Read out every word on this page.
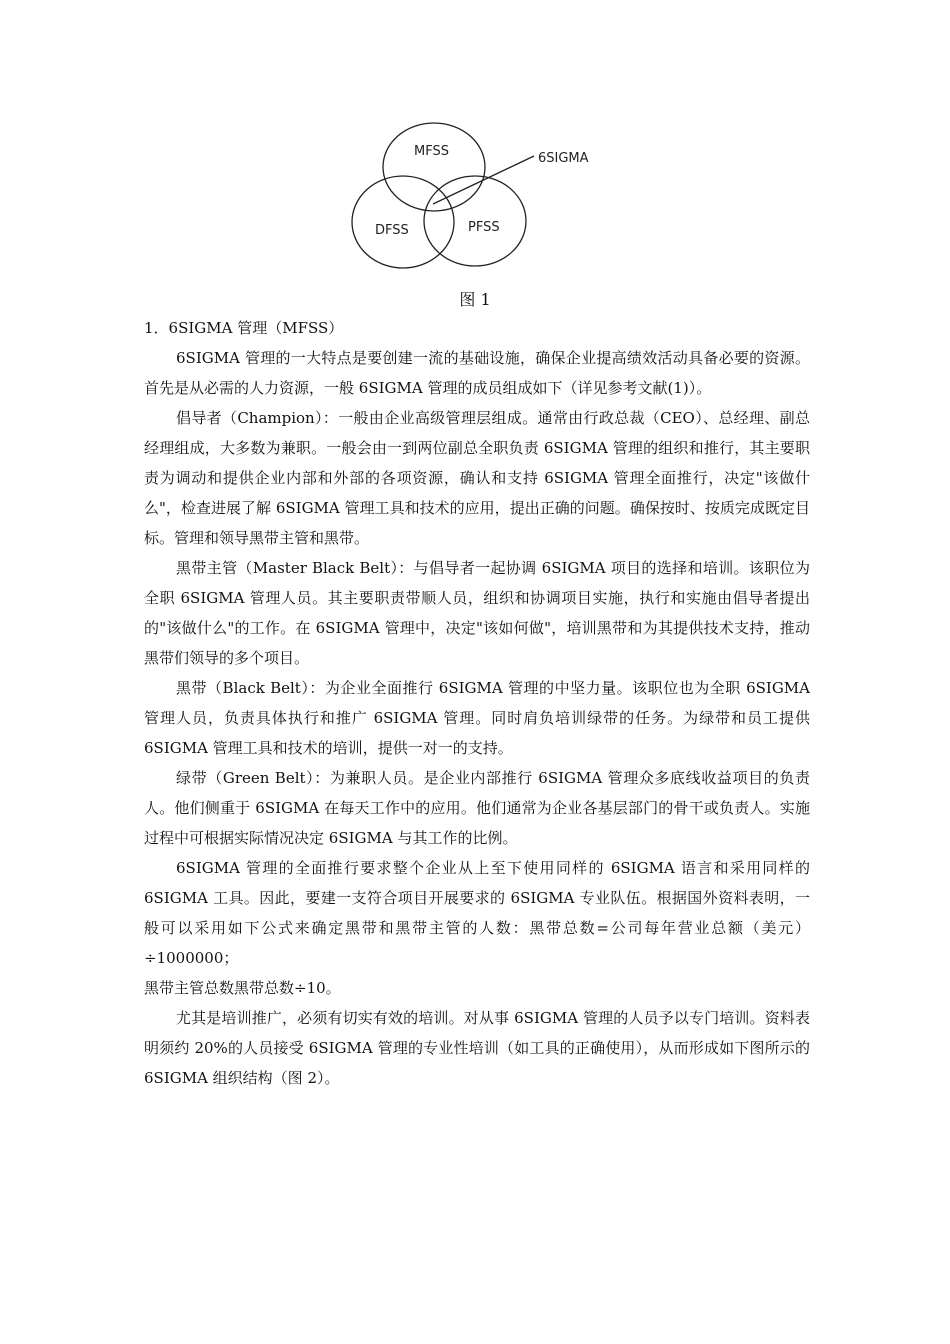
MFSS
DFSS	PFSS
6SIGMA
图 1

1．6SIGMA 管理（MFSS）

6SIGMA 管理的一大特点是要创建一流的基础设施，确保企业提高绩效活动具备必要的资源。首先是从必需的人力资源，一般 6SIGMA 管理的成员组成如下（详见参考文献(1)）。

倡导者（Champion）：一般由企业高级管理层组成。通常由行政总裁（CEO）、总经理、副总经理组成，大多数为兼职。一般会由一到两位副总全职负责 6SIGMA 管理的组织和推行，其主要职责为调动和提供企业内部和外部的各项资源，确认和支持 6SIGMA 管理全面推行，决定"该做什么"，检查进展了解 6SIGMA 管理工具和技术的应用，提出正确的问题。确保按时、按质完成既定目标。管理和领导黑带主管和黑带。

黑带主管（Master Black Belt）：与倡导者一起协调 6SIGMA 项目的选择和培训。该职位为全职 6SIGMA 管理人员。其主要职责带顺人员，组织和协调项目实施，执行和实施由倡导者提出的"该做什么"的工作。在 6SIGMA 管理中，决定"该如何做"，培训黑带和为其提供技术支持，推动黑带们领导的多个项目。

黑带（Black Belt）：为企业全面推行 6SIGMA 管理的中坚力量。该职位也为全职 6SIGMA 管理人员，负责具体执行和推广 6SIGMA 管理。同时肩负培训绿带的任务。为绿带和员工提供 6SIGMA 管理工具和技术的培训，提供一对一的支持。

绿带（Green Belt）：为兼职人员。是企业内部推行 6SIGMA 管理众多底线收益项目的负责人。他们侧重于 6SIGMA 在每天工作中的应用。他们通常为企业各基层部门的骨干或负责人。实施过程中可根据实际情况决定 6SIGMA 与其工作的比例。

6SIGMA 管理的全面推行要求整个企业从上至下使用同样的 6SIGMA 语言和采用同样的 6SIGMA 工具。因此，要建一支符合项目开展要求的 6SIGMA 专业队伍。根据国外资料表明，一般可以采用如下公式来确定黑带和黑带主管的人数：黑带总数=公司每年营业总额（美元）÷1000000；

黑带主管总数黑带总数÷10。

尤其是培训推广，必须有切实有效的培训。对从事 6SIGMA 管理的人员予以专门培训。资料表明须约 20%的人员接受 6SIGMA 管理的专业性培训（如工具的正确使用），从而形成如下图所示的 6SIGMA 组织结构（图 2）。
